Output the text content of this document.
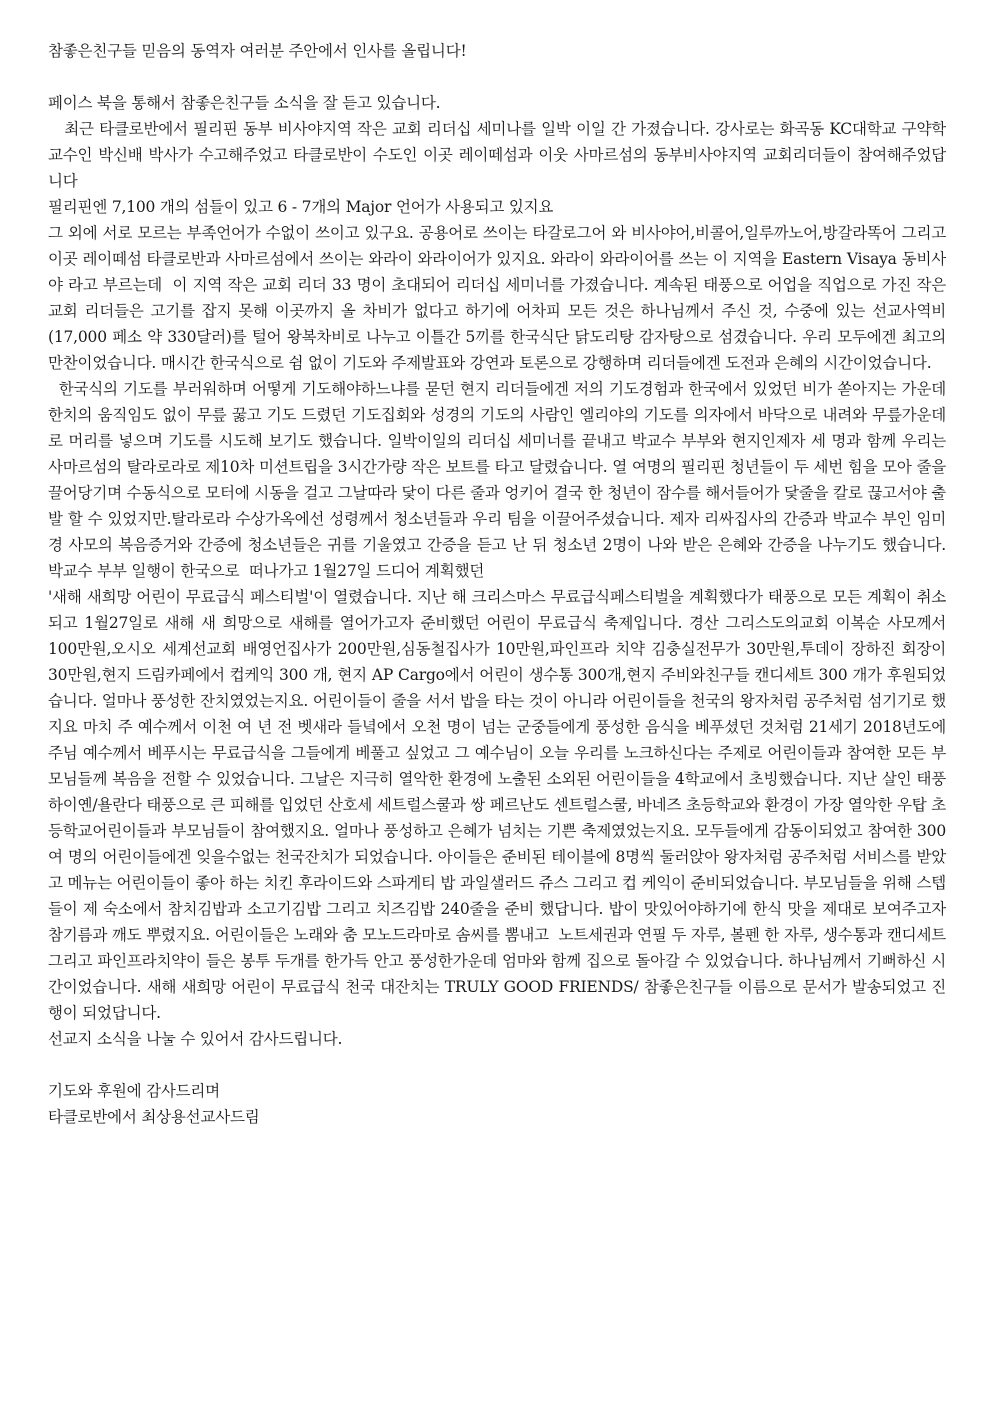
참좋은친구들 믿음의 동역자 여러분 주안에서 인사를 올립니다!

페이스 북을 통해서 참좋은친구들 소식을 잘 듣고 있습니다.

최근 타클로반에서 필리핀 동부 비사야지역 작은 교회 리더십 세미나를 일박 이일 간 가졌습니다. 강사로는 화곡동 KC대학교 구약학교수인 박신배 박사가 수고해주었고 타클로반이 수도인 이곳 레이떼섬과 이웃 사마르섬의 동부비사야지역 교회리더들이 참여해주었답니다

필리핀엔 7,100 개의 섬들이 있고 6 - 7개의 Major 언어가 사용되고 있지요

그 외에 서로 모르는 부족언어가 수없이 쓰이고 있구요. 공용어로 쓰이는 타갈로그어 와 비사야어,비콜어,일루까노어,방갈라똑어 그리고 이곳 레이떼섬 타클로반과 사마르섬에서 쓰이는 와라이 와라이어가 있지요. 와라이 와라이어를 쓰는 이 지역을 Eastern Visaya 동비사야 라고 부르는데  이 지역 작은 교회 리더 33 명이 초대되어 리더십 세미너를 가졌습니다. 계속된 태풍으로 어업을 직업으로 가진 작은 교회 리더들은 고기를 잡지 못해 이곳까지 올 차비가 없다고 하기에 어차피 모든 것은 하나님께서 주신 것, 수중에 있는 선교사역비(17,000 페소 약 330달러)를 털어 왕복차비로 나누고 이틀간 5끼를 한국식단 닭도리탕 감자탕으로 섬겼습니다. 우리 모두에겐 최고의 만찬이었습니다. 매시간 한국식으로 쉼 없이 기도와 주제발표와 강연과 토론으로 강행하며 리더들에겐 도전과 은혜의 시간이었습니다.

한국식의 기도를 부러워하며 어떻게 기도해야하느냐를 묻던 현지 리더들에겐 저의 기도경험과 한국에서 있었던 비가 쏟아지는 가운데 한치의 움직임도 없이 무릎 꿇고 기도 드렸던 기도집회와 성경의 기도의 사람인 엘리야의 기도를 의자에서 바닥으로 내려와 무릎가운데로 머리를 넣으며 기도를 시도해 보기도 했습니다. 일박이일의 리더십 세미너를 끝내고 박교수 부부와 현지인제자 세 명과 함께 우리는 사마르섬의 탈라로라로 제10차 미션트립을 3시간가량 작은 보트를 타고 달렸습니다. 열 여명의 필리핀 청년들이 두 세번 힘을 모아 줄을 끌어당기며 수동식으로 모터에 시동을 걸고 그날따라 닻이 다른 줄과 엉키어 결국 한 청년이 잠수를 해서들어가 닻줄을 칼로 끊고서야 출발 할 수 있었지만.탈라로라 수상가옥에선 성령께서 청소년들과 우리 팀을 이끌어주셨습니다. 제자 리싸집사의 간증과 박교수 부인 임미경 사모의 복음증거와 간증에 청소년들은 귀를 기울였고 간증을 듣고 난 뒤 청소년 2명이 나와 받은 은혜와 간증을 나누기도 했습니다. 박교수 부부 일행이 한국으로  떠나가고 1월27일 드디어 계획했던

'새해 새희망 어린이 무료급식 페스티벌'이 열렸습니다. 지난 해 크리스마스 무료급식페스티벌을 계획했다가 태풍으로 모든 계획이 취소되고 1월27일로 새해 새 희망으로 새해를 열어가고자 준비했던 어린이 무료급식 축제입니다. 경산 그리스도의교회 이복순 사모께서 100만원,오시오 세계선교회 배영언집사가 200만원,심동철집사가 10만원,파인프라 치약 김충실전무가 30만원,투데이 장하진 회장이 30만원,현지 드림카페에서 컵케익 300 개, 현지 AP Cargo에서 어린이 생수통 300개,현지 주비와친구들 캔디세트 300 개가 후원되었습니다. 얼마나 풍성한 잔치였었는지요. 어린이들이 줄을 서서 밥을 타는 것이 아니라 어린이들을 천국의 왕자처럼 공주처럼 섬기기로 했지요 마치 주 예수께서 이천 여 년 전 벳새라 들녘에서 오천 명이 넘는 군중들에게 풍성한 음식을 베푸셨던 것처럼 21세기 2018년도에 주님 예수께서 베푸시는 무료급식을 그들에게 베풀고 싶었고 그 예수님이 오늘 우리를 노크하신다는 주제로 어린이들과 참여한 모든 부모님들께 복음을 전할 수 있었습니다. 그날은 지극히 열악한 환경에 노출된 소외된 어린이들을 4학교에서 초빙했습니다. 지난 살인 태풍 하이옌/욜란다 태풍으로 큰 피해를 입었던 산호세 세트럴스쿨과 쌍 페르난도 센트럴스쿨, 바네즈 초등학교와 환경이 가장 열악한 우탑 초등학교어린이들과 부모님들이 참여했지요. 얼마나 풍성하고 은혜가 넘치는 기쁜 축제였었는지요. 모두들에게 감동이되었고 참여한 300 여 명의 어린이들에겐 잊을수없는 천국잔치가 되었습니다. 아이들은 준비된 테이블에 8명씩 둘러앉아 왕자처럼 공주처럼 서비스를 받았고 메뉴는 어린이들이 좋아 하는 치킨 후라이드와 스파게티 밥 과일샐러드 쥬스 그리고 컵 케익이 준비되었습니다. 부모님들을 위해 스텝들이 제 숙소에서 참치김밥과 소고기김밥 그리고 치즈김밥 240줄을 준비 했답니다. 밥이 맛있어야하기에 한식 맛을 제대로 보여주고자 참기름과 깨도 뿌렸지요. 어린이들은 노래와 춤 모노드라마로 솜씨를 뽐내고  노트세권과 연필 두 자루, 볼펜 한 자루, 생수통과 캔디세트 그리고 파인프라치약이 들은 봉투 두개를 한가득 안고 풍성한가운데 엄마와 함께 집으로 돌아갈 수 있었습니다. 하나님께서 기뻐하신 시간이었습니다. 새해 새희망 어린이 무료급식 천국 대잔치는 TRULY GOOD FRIENDS/ 참좋은친구들 이름으로 문서가 발송되었고 진행이 되었답니다.

선교지 소식을 나눌 수 있어서 감사드립니다.

기도와 후원에 감사드리며

타클로반에서 최상용선교사드림
